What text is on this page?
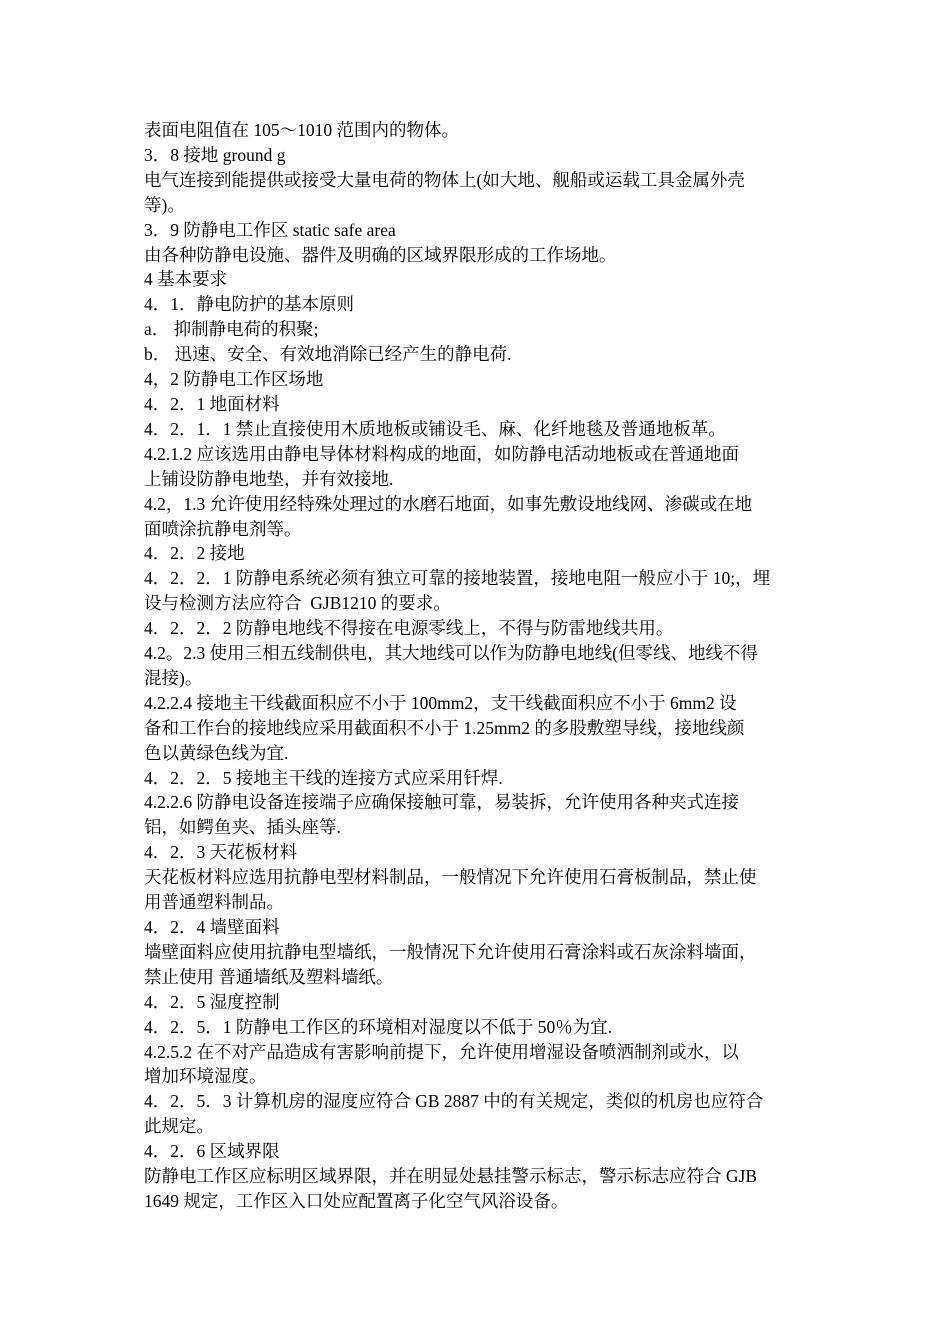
表面电阻值在 105～1010 范围内的物体。
3．8 接地 ground g
电气连接到能提供或接受大量电荷的物体上(如大地、舰船或运载工具金属外壳
等)。
3．9 防静电工作区 static safe area
由各种防静电设施、器件及明确的区域界限形成的工作场地。
4 基本要求
4．1．静电防护的基本原则
a． 抑制静电荷的积聚;
b． 迅速、安全、有效地消除已经产生的静电荷.
4，2 防静电工作区场地
4．2．1 地面材料
4．2．1．1 禁止直接使用木质地板或铺设毛、麻、化纤地毯及普通地板革。
4.2.1.2 应该选用由静电导体材料构成的地面，如防静电活动地板或在普通地面
上铺设防静电地垫，并有效接地.
4.2，1.3 允许使用经特殊处理过的水磨石地面，如事先敷设地线网、渗碳或在地
面喷涂抗静电剂等。
4．2．2 接地
4．2．2．1 防静电系统必须有独立可靠的接地装置，接地电阻一般应小于 10;，埋
设与检测方法应符合  GJB1210 的要求。
4．2．2．2 防静电地线不得接在电源零线上，不得与防雷地线共用。
4.2。2.3 使用三相五线制供电，其大地线可以作为防静电地线(但零线、地线不得
混接)。
4.2.2.4 接地主干线截面积应不小于 100mm2，支干线截面积应不小于 6mm2 设
备和工作台的接地线应采用截面积不小于 1.25mm2 的多股敷塑导线，接地线颜
色以黄绿色线为宜.
4．2．2．5 接地主干线的连接方式应采用钎焊.
4.2.2.6 防静电设备连接端子应确保接触可靠，易装拆，允许使用各种夹式连接
铝，如鳄鱼夹、插头座等.
4．2．3 天花板材料
天花板材料应选用抗静电型材料制品，一般情况下允许使用石膏板制品，禁止使
用普通塑料制品。
4．2．4 墙壁面料
墙壁面料应使用抗静电型墙纸，一般情况下允许使用石膏涂料或石灰涂料墙面，
禁止使用 普通墙纸及塑料墙纸。
4．2．5 湿度控制
4．2．5．1 防静电工作区的环境相对湿度以不低于 50％为宜.
4.2.5.2 在不对产品造成有害影响前提下，允许使用增湿设备喷洒制剂或水，以
增加环境湿度。
4．2．5．3 计算机房的湿度应符合 GB 2887 中的有关规定，类似的机房也应符合
此规定。
4．2．6 区域界限
防静电工作区应标明区域界限，并在明显处悬挂警示标志，警示标志应符合 GJB
1649 规定，工作区入口处应配置离子化空气风浴设备。
